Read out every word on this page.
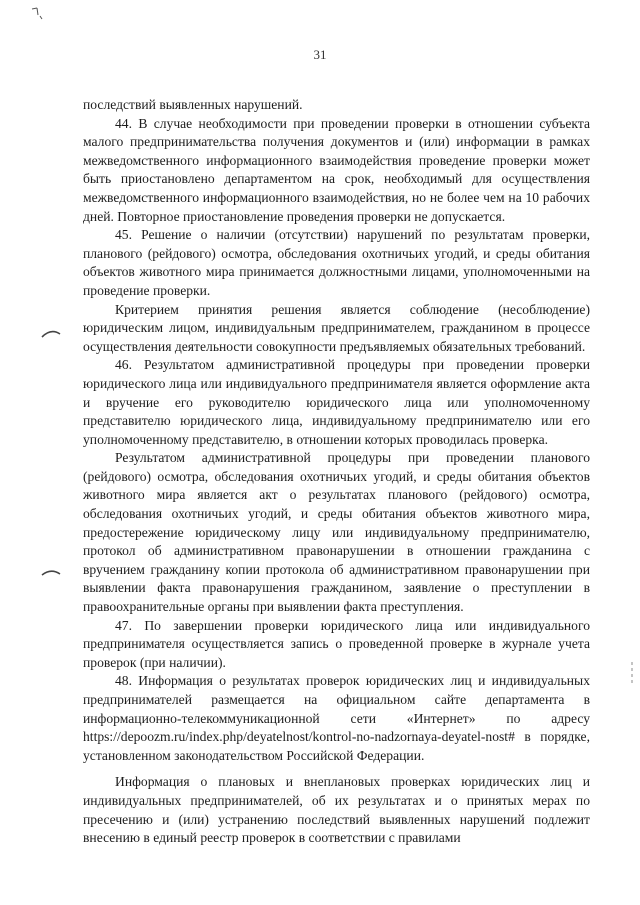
31

последствий выявленных нарушений.

44. В случае необходимости при проведении проверки в отношении субъекта малого предпринимательства получения документов и (или) информации в рамках межведомственного информационного взаимодействия проведение проверки может быть приостановлено департаментом на срок, необходимый для осуществления межведомственного информационного взаимодействия, но не более чем на 10 рабочих дней. Повторное приостановление проведения проверки не допускается.

45. Решение о наличии (отсутствии) нарушений по результатам проверки, планового (рейдового) осмотра, обследования охотничьих угодий, и среды обитания объектов животного мира принимается должностными лицами, уполномоченными на проведение проверки.

Критерием принятия решения является соблюдение (несоблюдение) юридическим лицом, индивидуальным предпринимателем, гражданином в процессе осуществления деятельности совокупности предъявляемых обязательных требований.

46. Результатом административной процедуры при проведении проверки юридического лица или индивидуального предпринимателя является оформление акта и вручение его руководителю юридического лица или уполномоченному представителю юридического лица, индивидуальному предпринимателю или его уполномоченному представителю, в отношении которых проводилась проверка.

Результатом административной процедуры при проведении планового (рейдового) осмотра, обследования охотничьих угодий, и среды обитания объектов животного мира является акт о результатах планового (рейдового) осмотра, обследования охотничьих угодий, и среды обитания объектов животного мира, предостережение юридическому лицу или индивидуальному предпринимателю, протокол об административном правонарушении в отношении гражданина с вручением гражданину копии протокола об административном правонарушении при выявлении факта правонарушения гражданином, заявление о преступлении в правоохранительные органы при выявлении факта преступления.

47. По завершении проверки юридического лица или индивидуального предпринимателя осуществляется запись о проведенной проверке в журнале учета проверок (при наличии).

48. Информация о результатах проверок юридических лиц и индивидуальных предпринимателей размещается на официальном сайте департамента в информационно-телекоммуникационной сети «Интернет» по адресу https://depoozm.ru/index.php/deyatelnost/kontrol-no-nadzornaya-deyatel-nost# в порядке, установленном законодательством Российской Федерации.

Информация о плановых и внеплановых проверках юридических лиц и индивидуальных предпринимателей, об их результатах и о принятых мерах по пресечению и (или) устранению последствий выявленных нарушений подлежит внесению в единый реестр проверок в соответствии с правилами
